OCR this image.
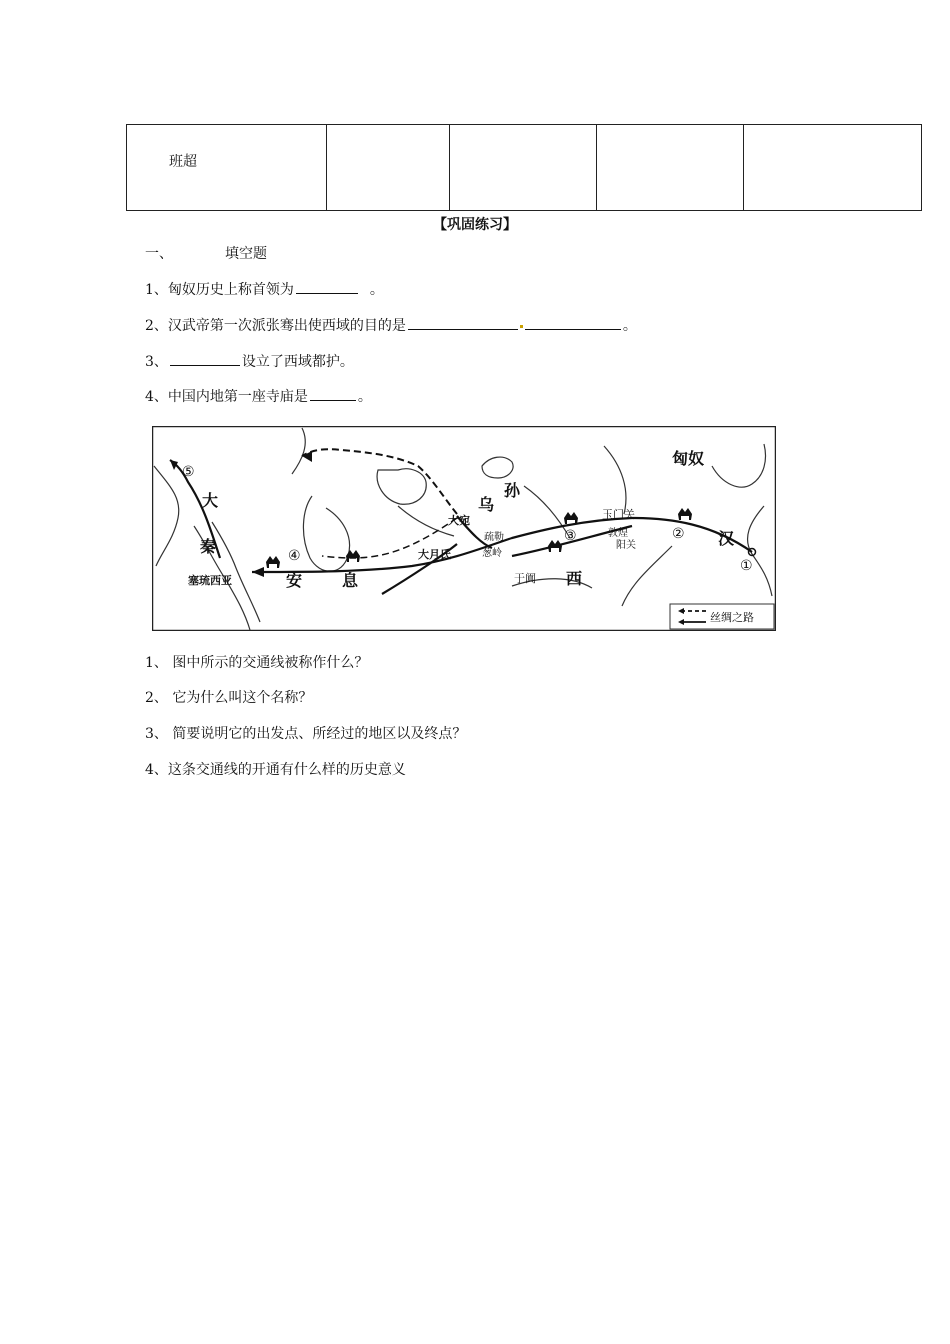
班超				
【巩固练习】
一、	填空题
1、匈奴历史上称首领为	。
2、汉武帝第一次派张骞出使西域的目的是	。
3、	设立了西域都护。
4、中国内地第一座寺庙是	。
匈奴
汉
乌
孙
大宛
疏勒
玉门关
敦煌
阳关
大月氏	葱岭
于阗 西
安 息
大
秦
塞琉西亚
①
②
③
④
⑤
丝绸之路
1、 图中所示的交通线被称作什么？
2、 它为什么叫这个名称？
3、 简要说明它的出发点、所经过的地区以及终点？
4、这条交通线的开通有什么样的历史意义
